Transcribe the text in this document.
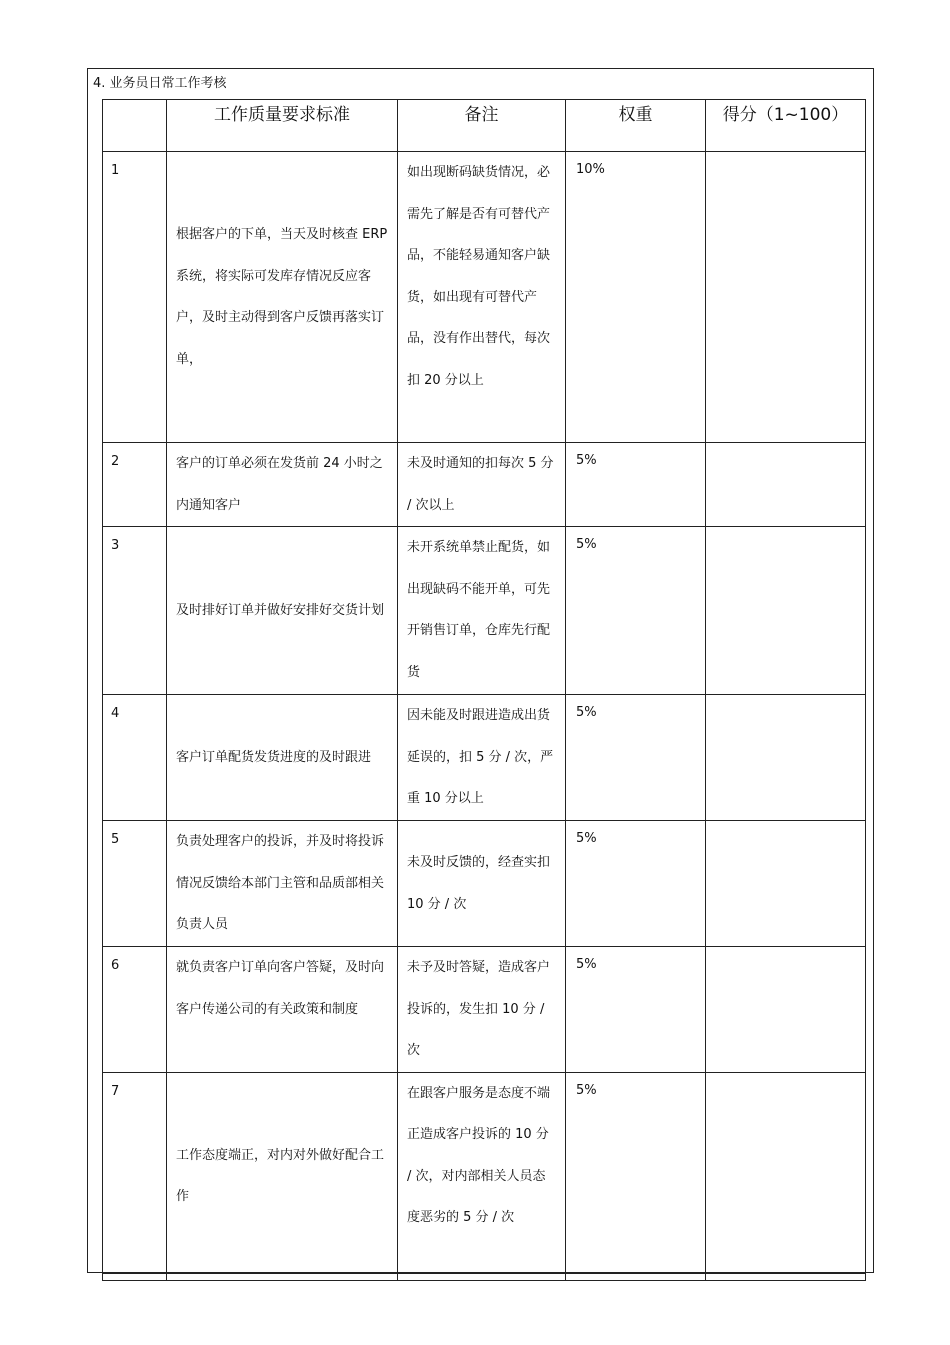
4. 业务员日常工作考核
	工作质量要求标准	备注	权重	得分（1~100）

1	根据客户的下单，当天及时核查 ERP 系统，将实际可发库存情况反应客户，及时主动得到客户反馈再落实订单，	如出现断码缺货情况，必需先了解是否有可替代产品，不能轻易通知客户缺货，如出现有可替代产品，没有作出替代，每次扣 20 分以上	10%	

2	客户的订单必须在发货前 24 小时之内通知客户	未及时通知的扣每次 5 分 / 次以上	5%	

3	及时排好订单并做好安排好交货计划	未开系统单禁止配货，如出现缺码不能开单，可先开销售订单，仓库先行配货	5%	

4	客户订单配货发货进度的及时跟进	因未能及时跟进造成出货延误的，扣 5 分 / 次，严重 10 分以上	5%	

5	负责处理客户的投诉，并及时将投诉情况反馈给本部门主管和品质部相关负责人员	未及时反馈的，经查实扣 10 分 / 次	5%	

6	就负责客户订单向客户答疑，及时向客户传递公司的有关政策和制度	未予及时答疑，造成客户投诉的，发生扣 10 分 / 次	5%	

7	工作态度端正，对内对外做好配合工作	在跟客户服务是态度不端正造成客户投诉的 10 分 / 次，对内部相关人员态度恶劣的 5 分 / 次	5%	
